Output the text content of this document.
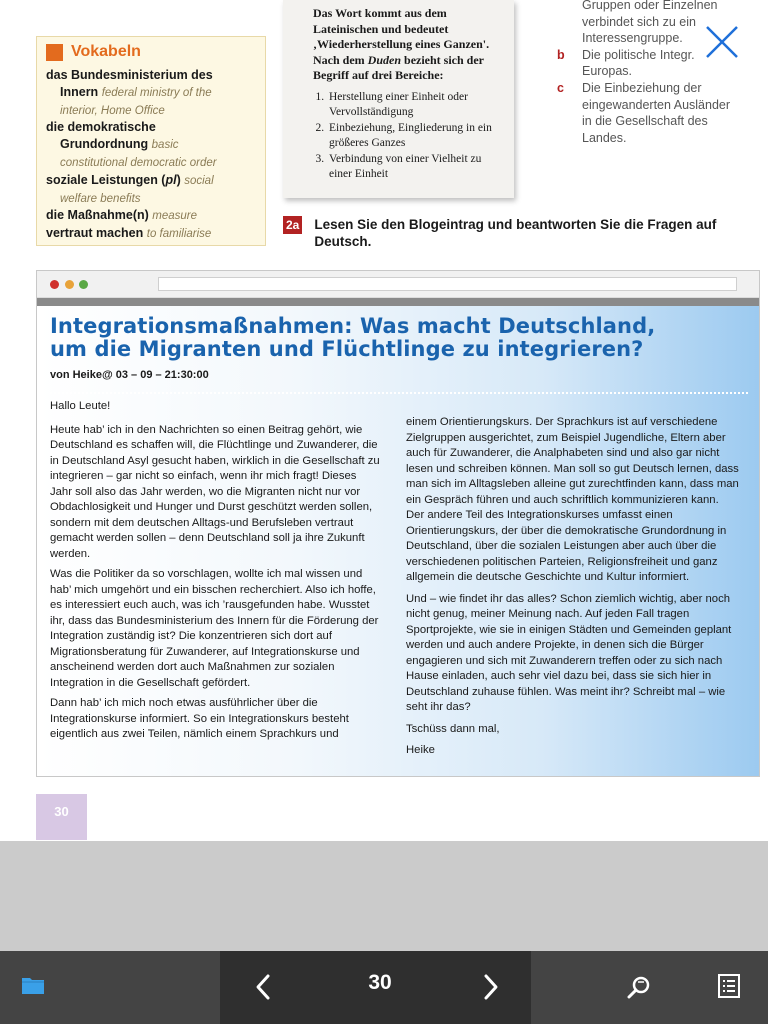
Vokabeln
das Bundesministerium des
Innern federal ministry of the
interior, Home Office
die demokratische
Grundordnung basic
constitutional democratic order
soziale Leistungen (pl) social
welfare benefits
die Maßnahme(n) measure
vertraut machen to familiarise
Das Wort kommt aus dem
Lateinischen und bedeutet
‚Wiederherstellung eines Ganzen'.
Nach dem Duden bezieht sich der
Begriff auf drei Bereiche:
1. Herstellung einer Einheit oder Vervollständigung
2. Einbeziehung, Eingliederung in ein größeres Ganzes
3. Verbindung von einer Vielheit zu einer Einheit
Gruppen oder Einzelnen
verbindet sich zu ein
Interessengruppe.
b	Die politische Integr.
Europas.
c	Die Einbeziehung der
eingewanderten Ausländer
in die Gesellschaft des
Landes.
2a Lesen Sie den Blogeintrag und beantworten Sie die Fragen auf Deutsch.
Integrationsmaßnahmen: Was macht Deutschland,
um die Migranten und Flüchtlinge zu integrieren?
von Heike@ 03 – 09 – 21:30:00

Hallo Leute!

Heute hab’ ich in den Nachrichten so einen Beitrag gehört, wie Deutschland es schaffen will, die Flüchtlinge und Zuwanderer, die in Deutschland Asyl gesucht haben, wirklich in die Gesellschaft zu integrieren – gar nicht so einfach, wenn ihr mich fragt! Dieses Jahr soll also das Jahr werden, wo die Migranten nicht nur vor Obdachlosigkeit und Hunger und Durst geschützt werden sollen, sondern mit dem deutschen Alltags-und Berufsleben vertraut gemacht werden sollen – denn Deutschland soll ja ihre Zukunft werden.

Was die Politiker da so vorschlagen, wollte ich mal wissen und hab’ mich umgehört und ein bisschen recherchiert. Also ich hoffe, es interessiert euch auch, was ich ’rausgefunden habe. Wusstet ihr, dass das Bundesministerium des Innern für die Förderung der Integration zuständig ist? Die konzentrieren sich dort auf Migrationsberatung für Zuwanderer, auf Integrationskurse und anscheinend werden dort auch Maßnahmen zur sozialen Integration in die Gesellschaft gefördert.

Dann hab’ ich mich noch etwas ausführlicher über die Integrationskurse informiert. So ein Integrationskurs besteht eigentlich aus zwei Teilen, nämlich einem Sprachkurs und

einem Orientierungskurs. Der Sprachkurs ist auf verschiedene Zielgruppen ausgerichtet, zum Beispiel Jugendliche, Eltern aber auch für Zuwanderer, die Analphabeten sind und also gar nicht lesen und schreiben können. Man soll so gut Deutsch lernen, dass man sich im Alltagsleben alleine gut zurechtfinden kann, dass man ein Gespräch führen und auch schriftlich kommunizieren kann. Der andere Teil des Integrationskurses umfasst einen Orientierungskurs, der über die demokratische Grundordnung in Deutschland, über die sozialen Leistungen aber auch über die verschiedenen politischen Parteien, Religionsfreiheit und ganz allgemein die deutsche Geschichte und Kultur informiert.

Und – wie findet ihr das alles? Schon ziemlich wichtig, aber noch nicht genug, meiner Meinung nach. Auf jeden Fall tragen Sportprojekte, wie sie in einigen Städten und Gemeinden geplant werden und auch andere Projekte, in denen sich die Bürger engagieren und sich mit Zuwanderern treffen oder zu sich nach Hause einladen, auch sehr viel dazu bei, dass sie sich hier in Deutschland zuhause fühlen. Was meint ihr? Schreibt mal – wie seht ihr das?

Tschüss dann mal,

Heike

30
30
